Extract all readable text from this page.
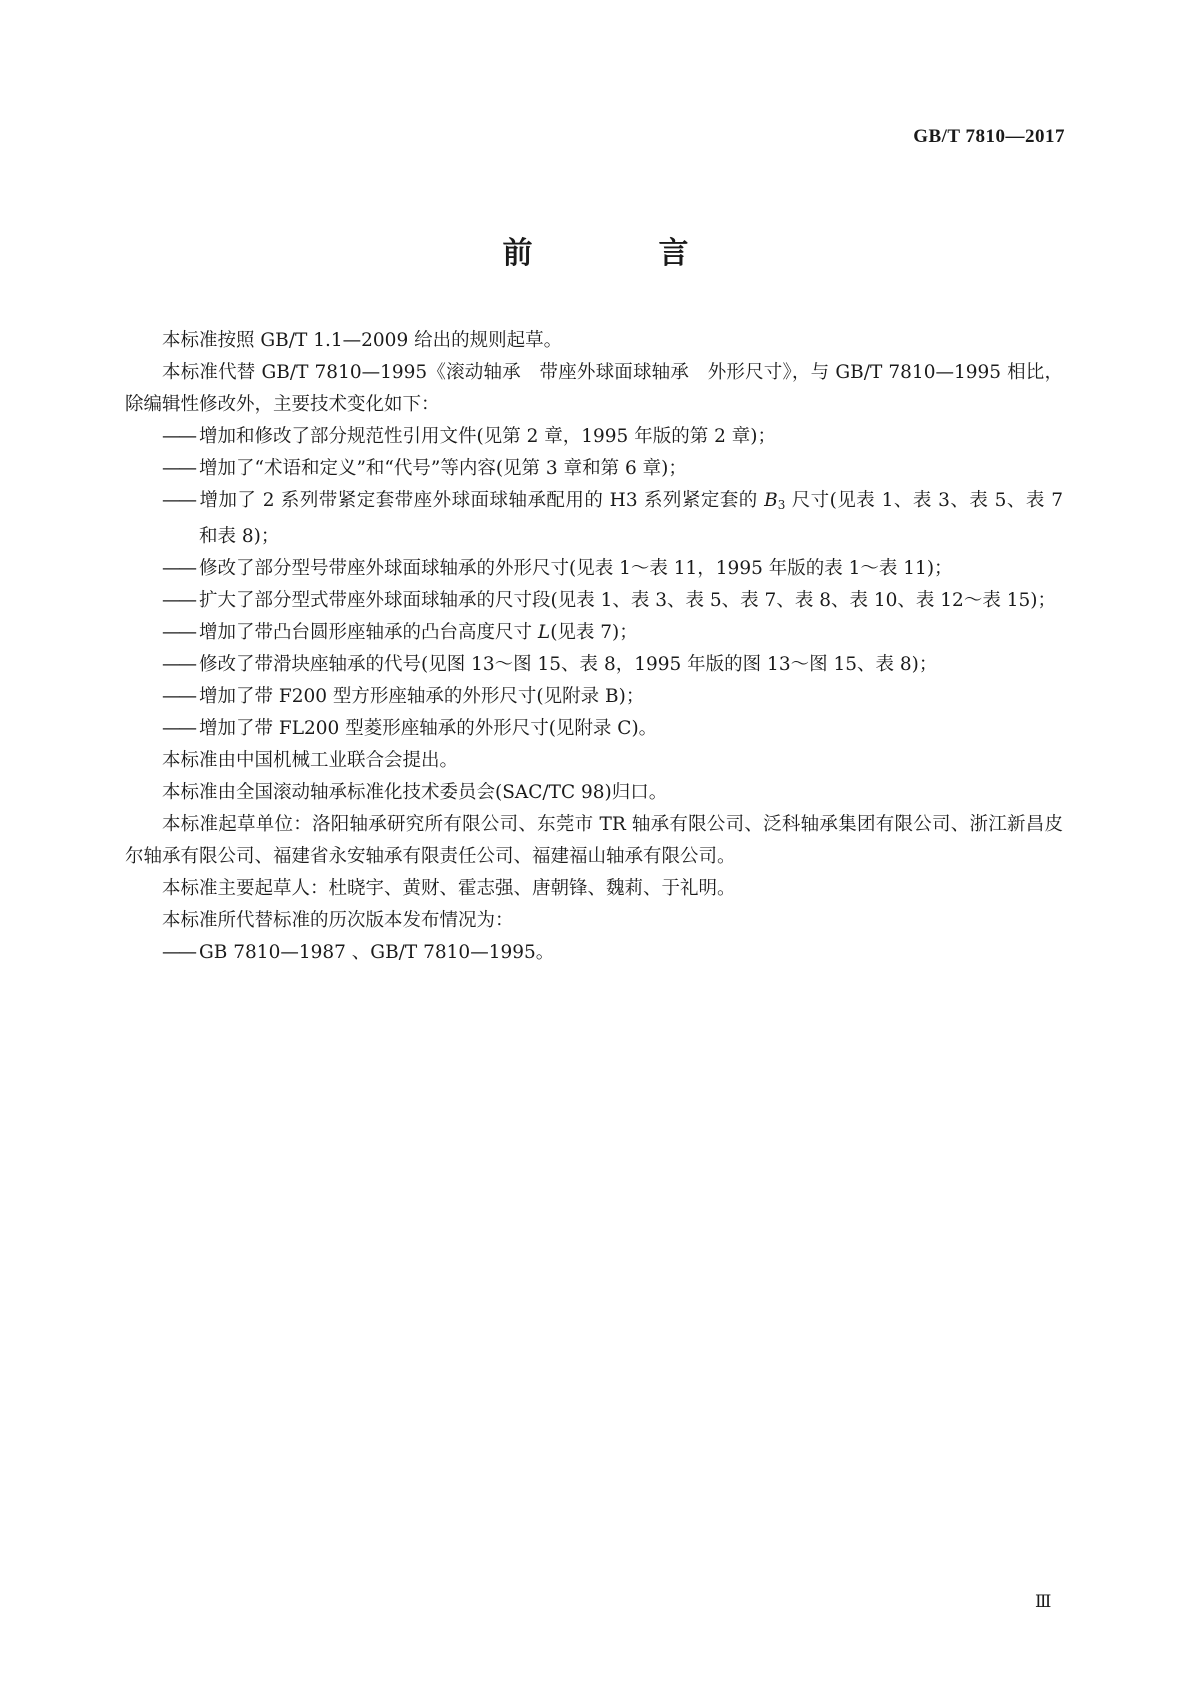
GB/T 7810—2017
前　言

本标准按照 GB/T 1.1—2009 给出的规则起草。

本标准代替 GB/T 7810—1995《滚动轴承　带座外球面球轴承　外形尺寸》，与 GB/T 7810—1995 相比，除编辑性修改外，主要技术变化如下：

—— 增加和修改了部分规范性引用文件(见第 2 章，1995 年版的第 2 章)；

—— 增加了“术语和定义”和“代号”等内容(见第 3 章和第 6 章)；

—— 增加了 2 系列带紧定套带座外球面球轴承配用的 H3 系列紧定套的 $B_3$ 尺寸(见表 1、表 3、表 5、表 7 和表 8)；

—— 修改了部分型号带座外球面球轴承的外形尺寸(见表 1～表 11，1995 年版的表 1～表 11)；

—— 扩大了部分型式带座外球面球轴承的尺寸段(见表 1、表 3、表 5、表 7、表 8、表 10、表 12～表 15)；

—— 增加了带凸台圆形座轴承的凸台高度尺寸 L(见表 7)；

—— 修改了带滑块座轴承的代号(见图 13～图 15、表 8，1995 年版的图 13～图 15、表 8)；

—— 增加了带 F200 型方形座轴承的外形尺寸(见附录 B)；

—— 增加了带 FL200 型菱形座轴承的外形尺寸(见附录 C)。

本标准由中国机械工业联合会提出。

本标准由全国滚动轴承标准化技术委员会(SAC/TC 98)归口。

本标准起草单位：洛阳轴承研究所有限公司、东莞市 TR 轴承有限公司、泛科轴承集团有限公司、浙江新昌皮尔轴承有限公司、福建省永安轴承有限责任公司、福建福山轴承有限公司。

本标准主要起草人：杜晓宇、黄财、霍志强、唐朝锋、魏莉、于礼明。

本标准所代替标准的历次版本发布情况为：

—— GB 7810—1987 、GB/T 7810—1995。

Ⅲ
